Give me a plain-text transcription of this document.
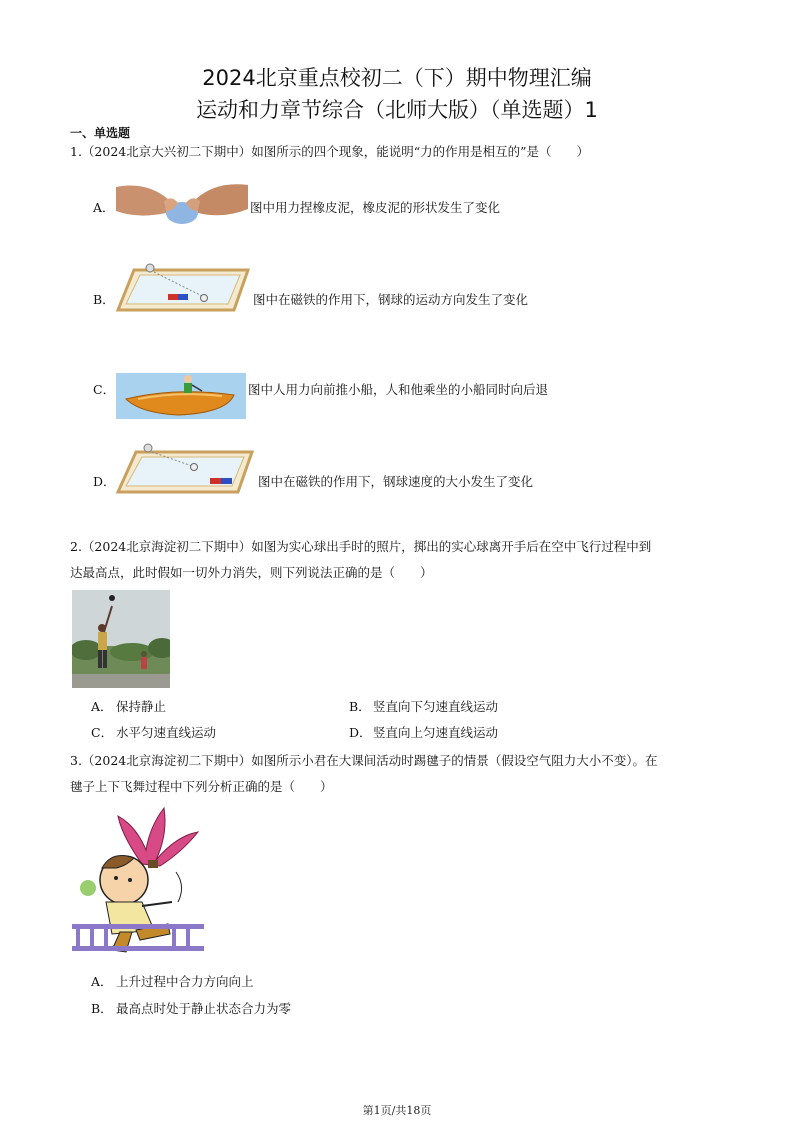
2024北京重点校初二（下）期中物理汇编
运动和力章节综合（北师大版）（单选题）1
一、单选题
1.（2024北京大兴初二下期中）如图所示的四个现象，能说明“力的作用是相互的”是（　　）
A．	图中用力捏橡皮泥，橡皮泥的形状发生了变化
B．	图中在磁铁的作用下，钢球的运动方向发生了变化
C．	图中人用力向前推小船，人和他乘坐的小船同时向后退
D．	图中在磁铁的作用下，钢球速度的大小发生了变化
2.（2024北京海淀初二下期中）如图为实心球出手时的照片，掷出的实心球离开手后在空中飞行过程中到
达最高点，此时假如一切外力消失，则下列说法正确的是（　　）
A． 保持静止	B． 竖直向下匀速直线运动
C． 水平匀速直线运动	D． 竖直向上匀速直线运动
3.（2024北京海淀初二下期中）如图所示小君在大课间活动时踢毽子的情景（假设空气阻力大小不变）。在
毽子上下飞舞过程中下列分析正确的是（　　）
A． 上升过程中合力方向向上
B． 最高点时处于静止状态合力为零
第1页/共18页
